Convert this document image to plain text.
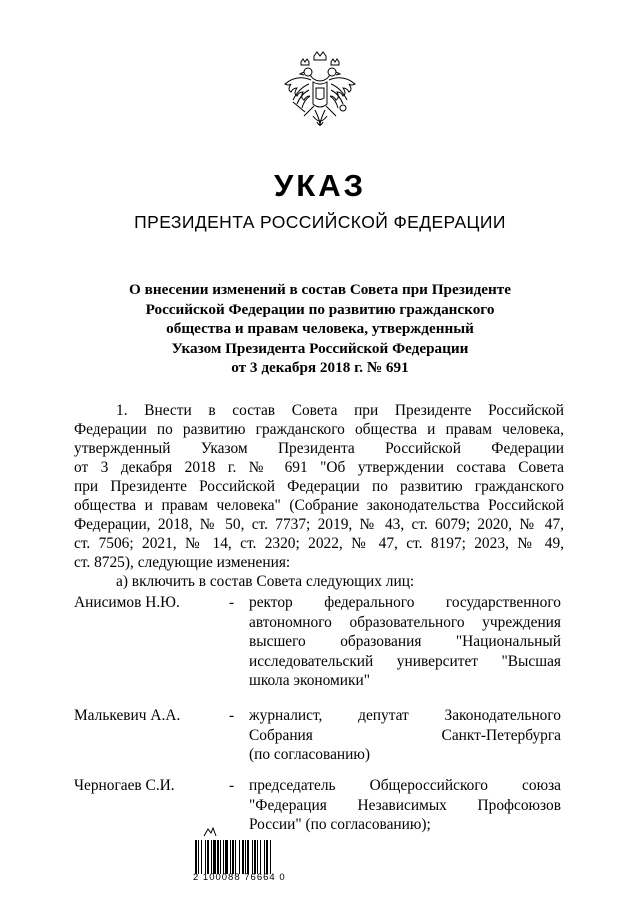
УКАЗ
ПРЕЗИДЕНТА РОССИЙСКОЙ ФЕДЕРАЦИИ
О внесении изменений в состав Совета при Президенте
Российской Федерации по развитию гражданского
общества и правам человека, утвержденный
Указом Президента Российской Федерации
от 3 декабря 2018 г. № 691
1. Внести в состав Совета при Президенте Российской
Федерации по развитию гражданского общества и правам человека,
утвержденный Указом Президента Российской Федерации
от 3 декабря 2018 г. № 691 "Об утверждении состава Совета
при Президенте Российской Федерации по развитию гражданского
общества и правам человека" (Собрание законодательства Российской
Федерации, 2018, № 50, ст. 7737; 2019, № 43, ст. 6079; 2020, № 47,
ст. 7506; 2021, № 14, ст. 2320; 2022, № 47, ст. 8197; 2023, № 49,
ст. 8725), следующие изменения:
а) включить в состав Совета следующих лиц:
Анисимов Н.Ю.	- ректор федерального государственного
автономного образовательного учреждения
высшего образования "Национальный
исследовательский университет "Высшая
школа экономики"
Малькевич А.А.	- журналист, депутат Законодательного
Собрания Санкт-Петербурга
(по согласованию)
Черногаев С.И.	- председатель Общероссийского союза
"Федерация Независимых Профсоюзов
России" (по согласованию);
2 100088 76664 0
